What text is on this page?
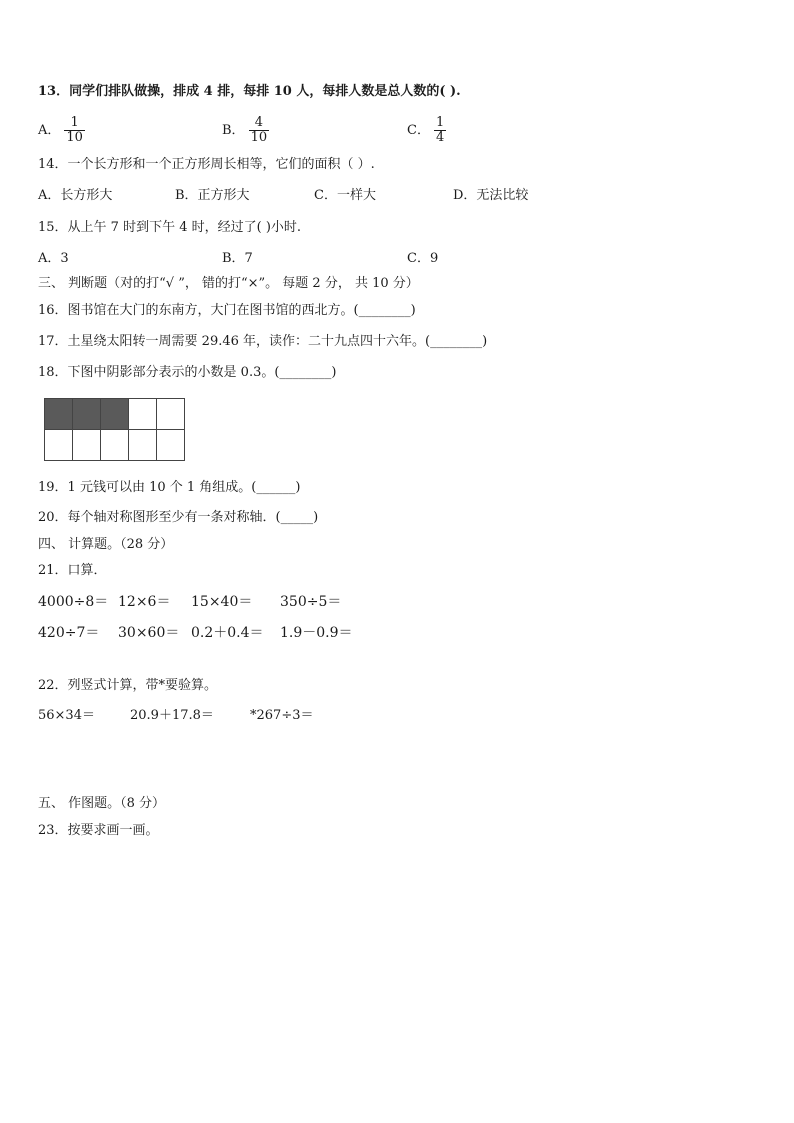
13．同学们排队做操，排成 4 排，每排 10 人，每排人数是总人数的( ).
A． $\frac{1}{10}$	B． $\frac{4}{10}$	C． $\frac{1}{4}$
14．一个长方形和一个正方形周长相等，它们的面积（ ）.
A．长方形大	B．正方形大	C．一样大	D．无法比较
15．从上午 7 时到下午 4 时，经过了( )小时.
A．3	B．7	C．9
三、 判断题（对的打“√ ”， 错的打“×”。 每题 2 分， 共 10 分）
16．图书馆在大门的东南方，大门在图书馆的西北方。(________)
17．土星绕太阳转一周需要 29.46 年，读作：二十九点四十六年。(________)
18．下图中阴影部分表示的小数是 0.3。(________)

19．1 元钱可以由 10 个 1 角组成。(______)
20．每个轴对称图形至少有一条对称轴．(_____)
四、 计算题。（28 分）
21．口算．
4000÷8＝ 12×6＝ 15×40＝ 350÷5＝
420÷7＝ 30×60＝ 0.2＋0.4＝ 1.9－0.9＝
22．列竖式计算，带*要验算。
56×34＝	20.9＋17.8＝	*267÷3＝
五、 作图题。（8 分）
23．按要求画一画。
